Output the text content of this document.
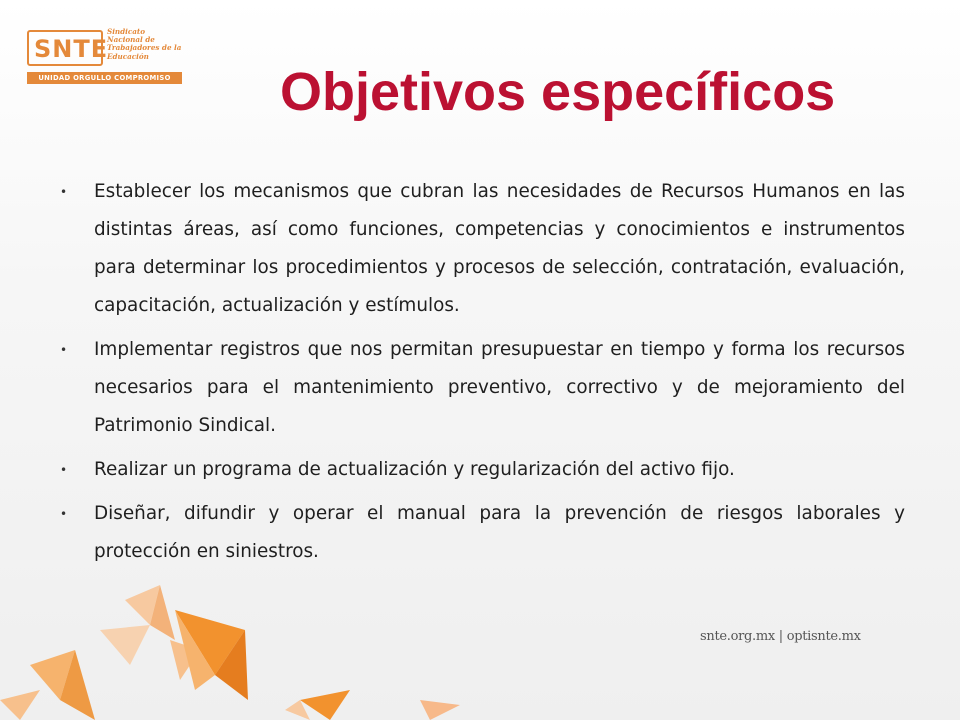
SNTE
Sindicato
Nacional de
Trabajadores de la
Educación
UNIDAD ORGULLO COMPROMISO Objetivos específicos
• Establecer los mecanismos que cubran las necesidades de Recursos Humanos en las distintas áreas, así como funciones, competencias y conocimientos e instrumentos para determinar los procedimientos y procesos de selección, contratación, evaluación, capacitación, actualización y estímulos.
• Implementar registros que nos permitan presupuestar en tiempo y forma los recursos necesarios para el mantenimiento preventivo, correctivo y de mejoramiento del Patrimonio Sindical.
• Realizar un programa de actualización y regularización del activo fijo.
• Diseñar, difundir y operar el manual para la prevención de riesgos laborales y protección en siniestros.
snte.org.mx | optisnte.mx
